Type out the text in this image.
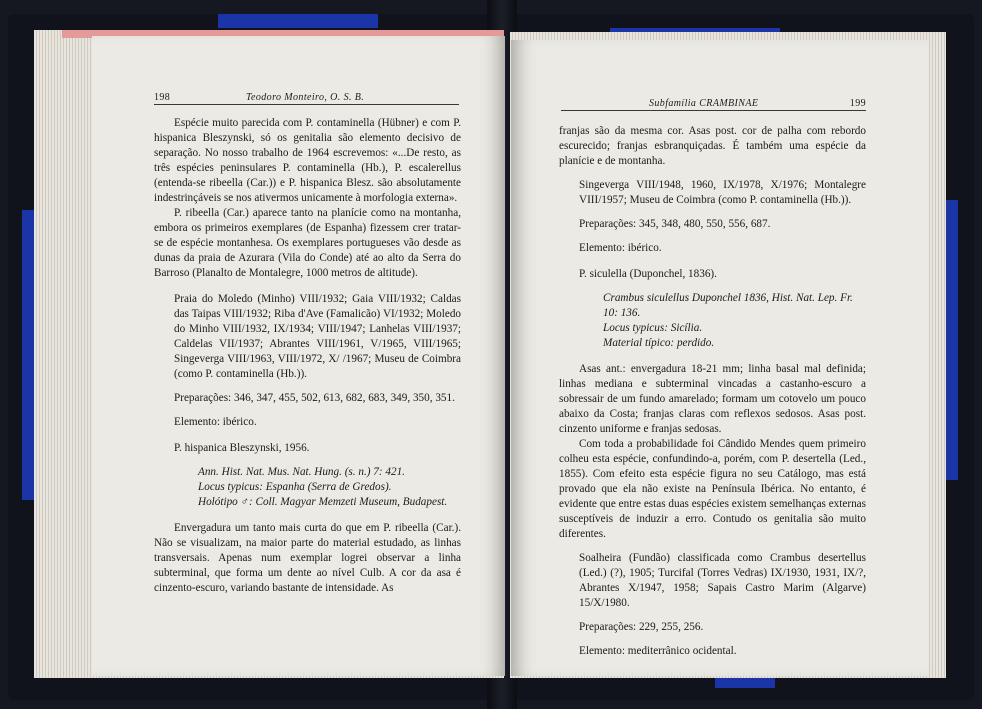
198	Teodoro Monteiro, O. S. B.

Espécie muito parecida com P. contaminella (Hübner) e com P. hispanica Bleszynski, só os genitalia são elemento decisivo de separação. No nosso trabalho de 1964 escrevemos: «...De resto, as três espécies peninsulares P. contaminella (Hb.), P. escalerellus (entenda-se ribeella (Car.)) e P. hispanica Blesz. são absolutamente indestrinçáveis se nos ativermos unicamente à morfologia externa».

P. ribeella (Car.) aparece tanto na planície como na montanha, embora os primeiros exemplares (de Espanha) fizessem crer tratar-se de espécie montanhesa. Os exemplares portugueses vão desde as dunas da praia de Azurara (Vila do Conde) até ao alto da Serra do Barroso (Planalto de Montalegre, 1000 metros de altitude).

Praia do Moledo (Minho) VIII/1932; Gaia VIII/1932; Caldas das Taipas VIII/1932; Riba d'Ave (Famalicão) VI/1932; Moledo do Minho VIII/1932, IX/1934; VIII/1947; Lanhelas VIII/1937; Caldelas VII/1937; Abrantes VIII/1961, V/1965, VIII/1965; Singeverga VIII/1963, VIII/1972, X/ /1967; Museu de Coimbra (como P. contaminella (Hb.)).

Preparações: 346, 347, 455, 502, 613, 682, 683, 349, 350, 351.

Elemento: ibérico.

P. hispanica Bleszynski, 1956.

Ann. Hist. Nat. Mus. Nat. Hung. (s. n.) 7: 421.

Locus typicus: Espanha (Serra de Gredos).

Holótipo ♂: Coll. Magyar Memzeti Museum, Budapest.

Envergadura um tanto mais curta do que em P. ribeella (Car.). Não se visualizam, na maior parte do material estudado, as linhas transversais. Apenas num exemplar logrei observar a linha subterminal, que forma um dente ao nível Culb. A cor da asa é cinzento-escuro, variando bastante de intensidade. As

Subfamília CRAMBINAE	199

franjas são da mesma cor. Asas post. cor de palha com rebordo escurecido; franjas esbranquiçadas. É também uma espécie da planície e de montanha.

Singeverga VIII/1948, 1960, IX/1978, X/1976; Montalegre VIII/1957; Museu de Coimbra (como P. contaminella (Hb.)).

Preparações: 345, 348, 480, 550, 556, 687.

Elemento: ibérico.

P. siculella (Duponchel, 1836).

Crambus siculellus Duponchel 1836, Hist. Nat. Lep. Fr. 10: 136.

Locus typicus: Sicília.

Material típico: perdido.

Asas ant.: envergadura 18-21 mm; linha basal mal definida; linhas mediana e subterminal vincadas a castanho-escuro a sobressair de um fundo amarelado; formam um cotovelo um pouco abaixo da Costa; franjas claras com reflexos sedosos. Asas post. cinzento uniforme e franjas sedosas.

Com toda a probabilidade foi Cândido Mendes quem primeiro colheu esta espécie, confundindo-a, porém, com P. desertella (Led., 1855). Com efeito esta espécie figura no seu Catálogo, mas está provado que ela não existe na Península Ibérica. No entanto, é evidente que entre estas duas espécies existem semelhanças externas susceptíveis de induzir a erro. Contudo os genitalia são muito diferentes.

Soalheira (Fundão) classificada como Crambus desertellus (Led.) (?), 1905; Turcifal (Torres Vedras) IX/1930, 1931, IX/?, Abrantes X/1947, 1958; Sapais Castro Marim (Algarve) 15/X/1980.

Preparações: 229, 255, 256.

Elemento: mediterrânico ocidental.
